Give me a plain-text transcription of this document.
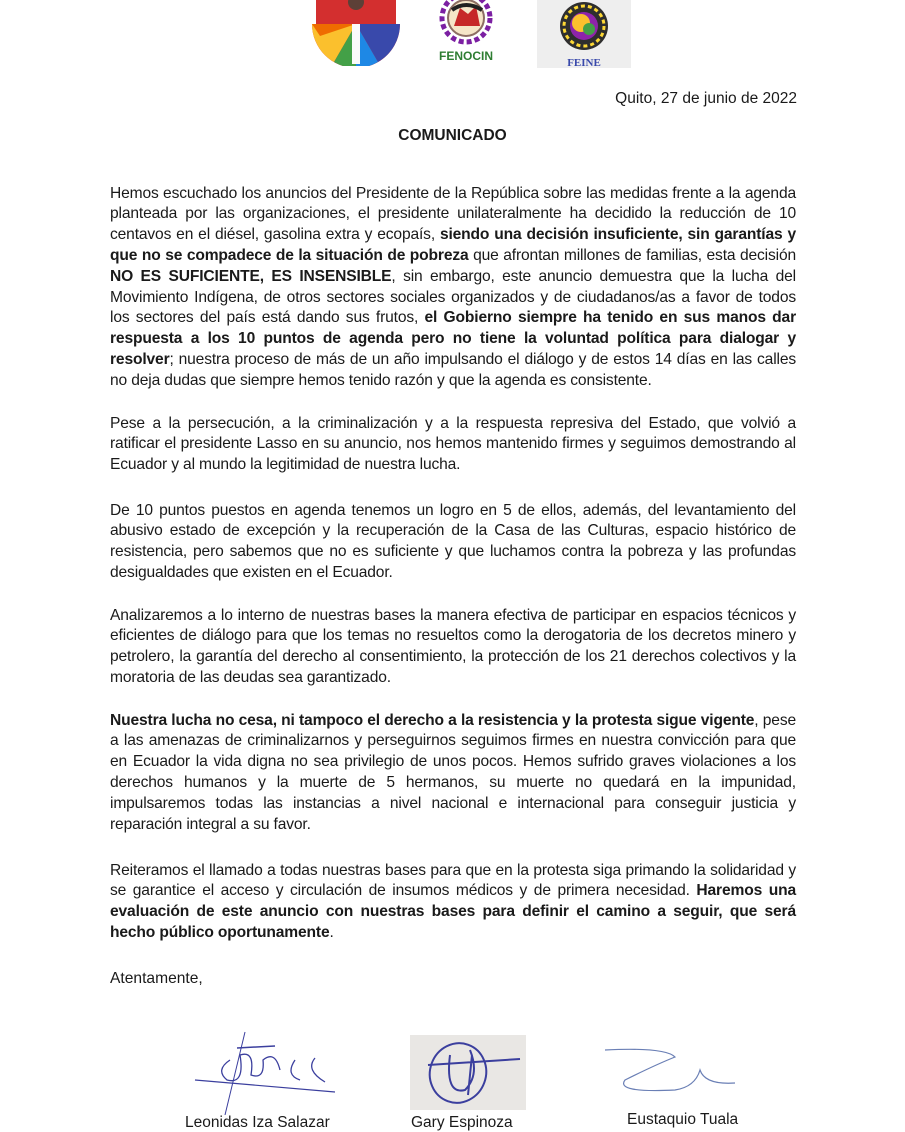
FENOCIN	FEINE
Quito, 27 de junio de 2022
COMUNICADO

Hemos escuchado los anuncios del Presidente de la República sobre las medidas frente a la agenda planteada por las organizaciones, el presidente unilateralmente ha decidido la reducción de 10 centavos en el diésel, gasolina extra y ecopaís, siendo una decisión insuficiente, sin garantías y que no se compadece de la situación de pobreza que afrontan millones de familias, esta decisión NO ES SUFICIENTE, ES INSENSIBLE, sin embargo, este anuncio demuestra que la lucha del Movimiento Indígena, de otros sectores sociales organizados y de ciudadanos/as a favor de todos los sectores del país está dando sus frutos, el Gobierno siempre ha tenido en sus manos dar respuesta a los 10 puntos de agenda pero no tiene la voluntad política para dialogar y resolver; nuestra proceso de más de un año impulsando el diálogo y de estos 14 días en las calles no deja dudas que siempre hemos tenido razón y que la agenda es consistente.

Pese a la persecución, a la criminalización y a la respuesta represiva del Estado, que volvió a ratificar el presidente Lasso en su anuncio, nos hemos mantenido firmes y seguimos demostrando al Ecuador y al mundo la legitimidad de nuestra lucha.

De 10 puntos puestos en agenda tenemos un logro en 5 de ellos, además, del levantamiento del abusivo estado de excepción y la recuperación de la Casa de las Culturas, espacio histórico de resistencia, pero sabemos que no es suficiente y que luchamos contra la pobreza y las profundas desigualdades que existen en el Ecuador.

Analizaremos a lo interno de nuestras bases la manera efectiva de participar en espacios técnicos y eficientes de diálogo para que los temas no resueltos como la derogatoria de los decretos minero y petrolero, la garantía del derecho al consentimiento, la protección de los 21 derechos colectivos y la moratoria de las deudas sea garantizado.

Nuestra lucha no cesa, ni tampoco el derecho a la resistencia y la protesta sigue vigente, pese a las amenazas de criminalizarnos y perseguirnos seguimos firmes en nuestra convicción para que en Ecuador la vida digna no sea privilegio de unos pocos. Hemos sufrido graves violaciones a los derechos humanos y la muerte de 5 hermanos, su muerte no quedará en la impunidad, impulsaremos todas las instancias a nivel nacional e internacional para conseguir justicia y reparación integral a su favor.

Reiteramos el llamado a todas nuestras bases para que en la protesta siga primando la solidaridad y se garantice el acceso y circulación de insumos médicos y de primera necesidad. Haremos una evaluación de este anuncio con nuestras bases para definir el camino a seguir, que será hecho público oportunamente.

Atentamente,
Leonidas Iza Salazar	Gary Espinoza	Eustaquio Tuala
